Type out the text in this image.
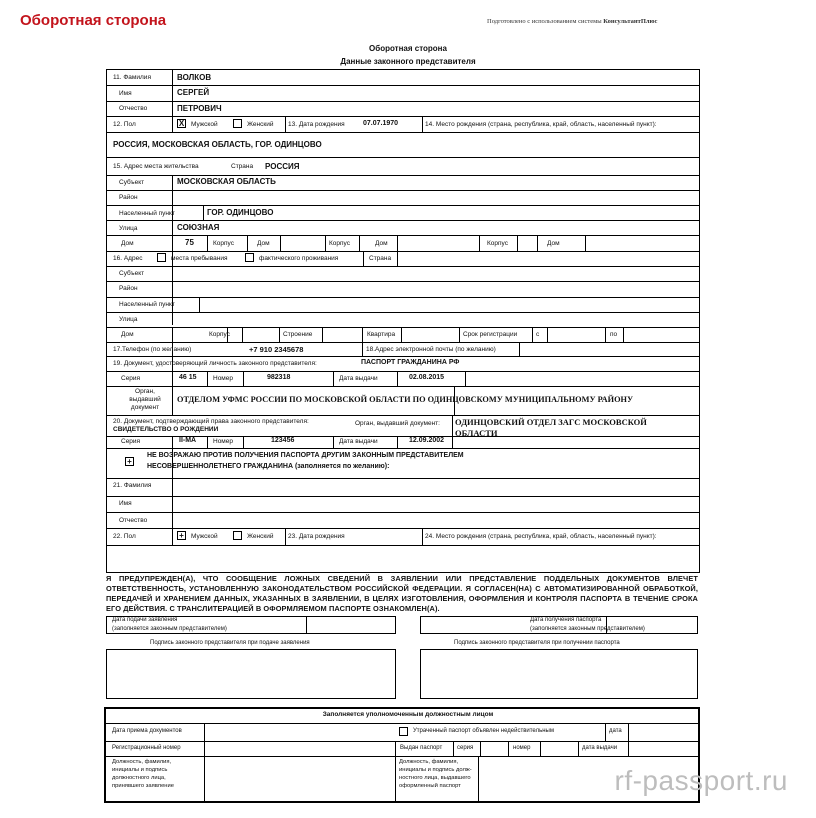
Оборотная сторона	Подготовлено с использованием системы КонсультантПлюс
Оборотная сторона
Данные законного представителя
11. Фамилия	ВОЛКОВ
Имя	СЕРГЕЙ
Отчество	ПЕТРОВИЧ
12. Пол	X Мужской	Женский 13. Дата рождения	07.07.1970	14. Место рождения (страна, республика, край, область, населенный пункт):
РОССИЯ, МОСКОВСКАЯ ОБЛАСТЬ, ГОР. ОДИНЦОВО
15. Адрес места жительства	Страна РОССИЯ
Субъект	МОСКОВСКАЯ ОБЛАСТЬ
Район
Населенный пункт	ГОР. ОДИНЦОВО
Улица	СОЮЗНАЯ
Дом	75	Корпус	Дом	Корпус	Дом	Корпус	Дом
16. Адрес	места пребывания	фактического проживания	Страна
Субъект
Район
Населенный пункт
Улица
Дом	Корпус	Строение	Квартира	Срок регистрации	с	по
17.Телефон (по желанию)	+7 910 2345678	18.Адрес электронной почты (по желанию)
19. Документ, удостоверяющий личность законного представителя:	ПАСПОРТ ГРАЖДАНИНА РФ
Серия	46 15	Номер	982318	Дата выдачи	02.08.2015
Орган, выдавший документ
ОТДЕЛОМ УФМС РОССИИ ПО МОСКОВСКОЙ ОБЛАСТИ ПО ОДИНЦОВСКОМУ МУНИЦИПАЛЬНОМУ РАЙОНУ
20. Документ, подтверждающий права законного представителя:
СВИДЕТЕЛЬСТВО О РОЖДЕНИИ
Орган, выдавший документ: ОДИНЦОВСКИЙ ОТДЕЛ ЗАГС МОСКОВСКОЙ
ОБЛАСТИ
Серия	II-МА	Номер	123456	Дата выдачи	12.09.2002
+
НЕ ВОЗРАЖАЮ ПРОТИВ ПОЛУЧЕНИЯ ПАСПОРТА ДРУГИМ ЗАКОННЫМ ПРЕДСТАВИТЕЛЕМ
НЕСОВЕРШЕННОЛЕТНЕГО ГРАЖДАНИНА (заполняется по желанию):
21. Фамилия
Имя
Отчество
22. Пол	+	Мужской	Женский 23. Дата рождения	24. Место рождения (страна, республика, край, область, населенный пункт):
Я ПРЕДУПРЕЖДЕН(А), ЧТО СООБЩЕНИЕ ЛОЖНЫХ СВЕДЕНИЙ В ЗАЯВЛЕНИИ ИЛИ ПРЕДСТАВЛЕНИЕ ПОДДЕЛЬНЫХ ДОКУМЕНТОВ ВЛЕЧЕТ ОТВЕТСТВЕННОСТЬ, УСТАНОВЛЕННУЮ ЗАКОНОДАТЕЛЬСТВОМ РОССИЙСКОЙ ФЕДЕРАЦИИ. Я СОГЛАСЕН(НА) С АВТОМАТИЗИРОВАННОЙ ОБРАБОТКОЙ, ПЕРЕДАЧЕЙ И ХРАНЕНИЕМ ДАННЫХ, УКАЗАННЫХ В ЗАЯВЛЕНИИ, В ЦЕЛЯХ ИЗГОТОВЛЕНИЯ, ОФОРМЛЕНИЯ И КОНТРОЛЯ ПАСПОРТА В ТЕЧЕНИЕ СРОКА ЕГО ДЕЙСТВИЯ. С ТРАНСЛИТЕРАЦИЕЙ В ОФОРМЛЯЕМОМ ПАСПОРТЕ ОЗНАКОМЛЕН(А).
Дата подачи заявления
(заполняется законным представителем)
Дата получения паспорта
(заполняется законным представителем)
Подпись законного представителя при подаче заявления	Подпись законного представителя при получении паспорта
Заполняется уполномоченным должностным лицом
Дата приема документов	Утраченный паспорт объявлен недействительным	дата
Регистрационный номер	Выдан паспорт серия	номер	дата выдачи
Должность, фамилия,
инициалы и подпись
должностного лица,
принявшего заявление
Должность, фамилия,
инициалы и подпись долж-
ностного лица, выдавшего
оформленный паспорт	rf-passport.ru
